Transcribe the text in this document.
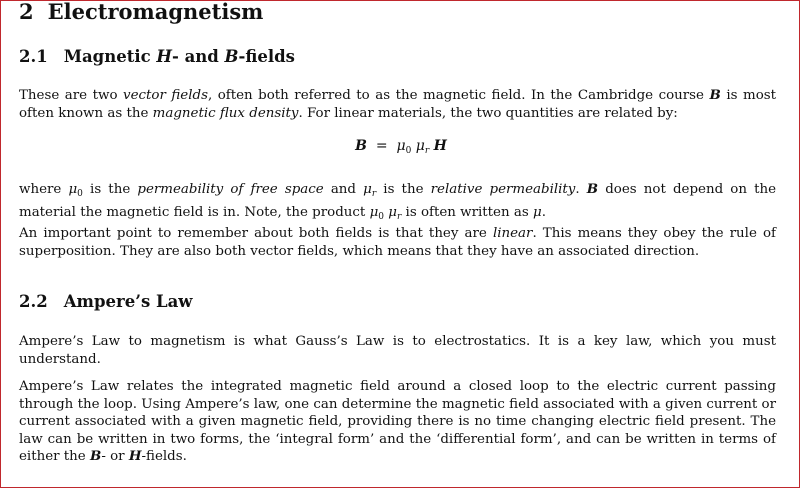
2 Electromagnetism
2.1 Magnetic H- and B-fields

These are two vector fields, often both referred to as the magnetic field. In the Cambridge course B is most often known as the magnetic flux density. For linear materials, the two quantities are related by:

$B = \mu_0$ $\mu_r$ H

where $\mu_0$ is the permeability of free space and $\mu_r$ is the relative permeability. B does not depend on the material the magnetic field is in. Note, the product $\mu_0$ $\mu_r$ is often written as μ.

An important point to remember about both fields is that they are linear. This means they obey the rule of superposition. They are also both vector fields, which means that they have an associated direction.

2.2 Ampere’s Law

Ampere’s Law to magnetism is what Gauss’s Law is to electrostatics. It is a key law, which you must understand.

Ampere’s Law relates the integrated magnetic field around a closed loop to the electric current passing through the loop. Using Ampere’s law, one can determine the magnetic field associated with a given current or current associated with a given magnetic field, providing there is no time changing electric field present. The law can be written in two forms, the ‘integral form’ and the ‘differential form’, and can be written in terms of either the B- or H-fields.
